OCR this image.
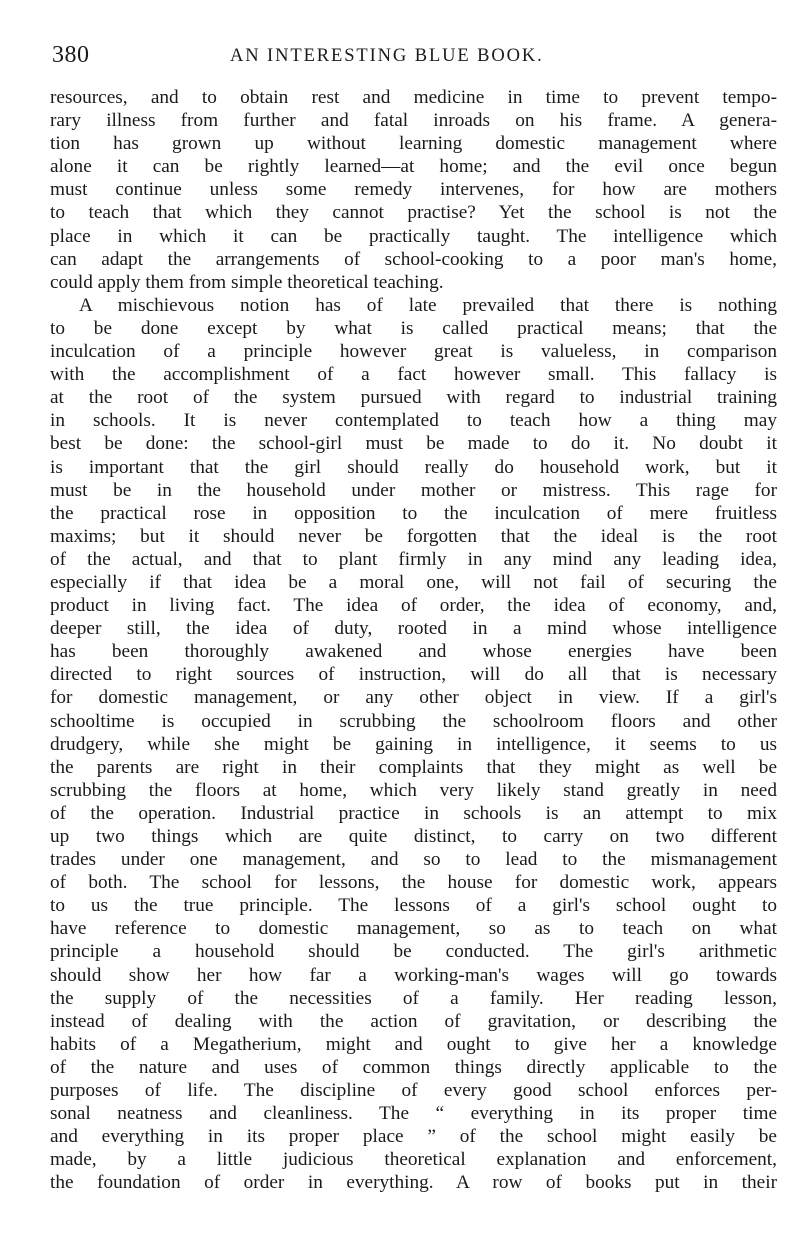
380	AN INTERESTING BLUE BOOK.
resources, and to obtain rest and medicine in time to prevent tempo-
rary illness from further and fatal inroads on his frame. A genera-
tion has grown up without learning domestic management where
alone it can be rightly learned—at home; and the evil once begun
must continue unless some remedy intervenes, for how are mothers
to teach that which they cannot practise? Yet the school is not the
place in which it can be practically taught. The intelligence which
can adapt the arrangements of school-cooking to a poor man's home,
could apply them from simple theoretical teaching.
A mischievous notion has of late prevailed that there is nothing
to be done except by what is called practical means; that the
inculcation of a principle however great is valueless, in comparison
with the accomplishment of a fact however small. This fallacy is
at the root of the system pursued with regard to industrial training
in schools. It is never contemplated to teach how a thing may
best be done: the school-girl must be made to do it. No doubt it
is important that the girl should really do household work, but it
must be in the household under mother or mistress. This rage for
the practical rose in opposition to the inculcation of mere fruitless
maxims; but it should never be forgotten that the ideal is the root
of the actual, and that to plant firmly in any mind any leading idea,
especially if that idea be a moral one, will not fail of securing the
product in living fact. The idea of order, the idea of economy, and,
deeper still, the idea of duty, rooted in a mind whose intelligence
has been thoroughly awakened and whose energies have been
directed to right sources of instruction, will do all that is necessary
for domestic management, or any other object in view. If a girl's
schooltime is occupied in scrubbing the schoolroom floors and other
drudgery, while she might be gaining in intelligence, it seems to us
the parents are right in their complaints that they might as well be
scrubbing the floors at home, which very likely stand greatly in need
of the operation. Industrial practice in schools is an attempt to mix
up two things which are quite distinct, to carry on two different
trades under one management, and so to lead to the mismanagement
of both. The school for lessons, the house for domestic work, appears
to us the true principle. The lessons of a girl's school ought to
have reference to domestic management, so as to teach on what
principle a household should be conducted. The girl's arithmetic
should show her how far a working-man's wages will go towards
the supply of the necessities of a family. Her reading lesson,
instead of dealing with the action of gravitation, or describing the
habits of a Megatherium, might and ought to give her a knowledge
of the nature and uses of common things directly applicable to the
purposes of life. The discipline of every good school enforces per-
sonal neatness and cleanliness. The “ everything in its proper time
and everything in its proper place ” of the school might easily be
made, by a little judicious theoretical explanation and enforcement,
the foundation of order in everything. A row of books put in their
